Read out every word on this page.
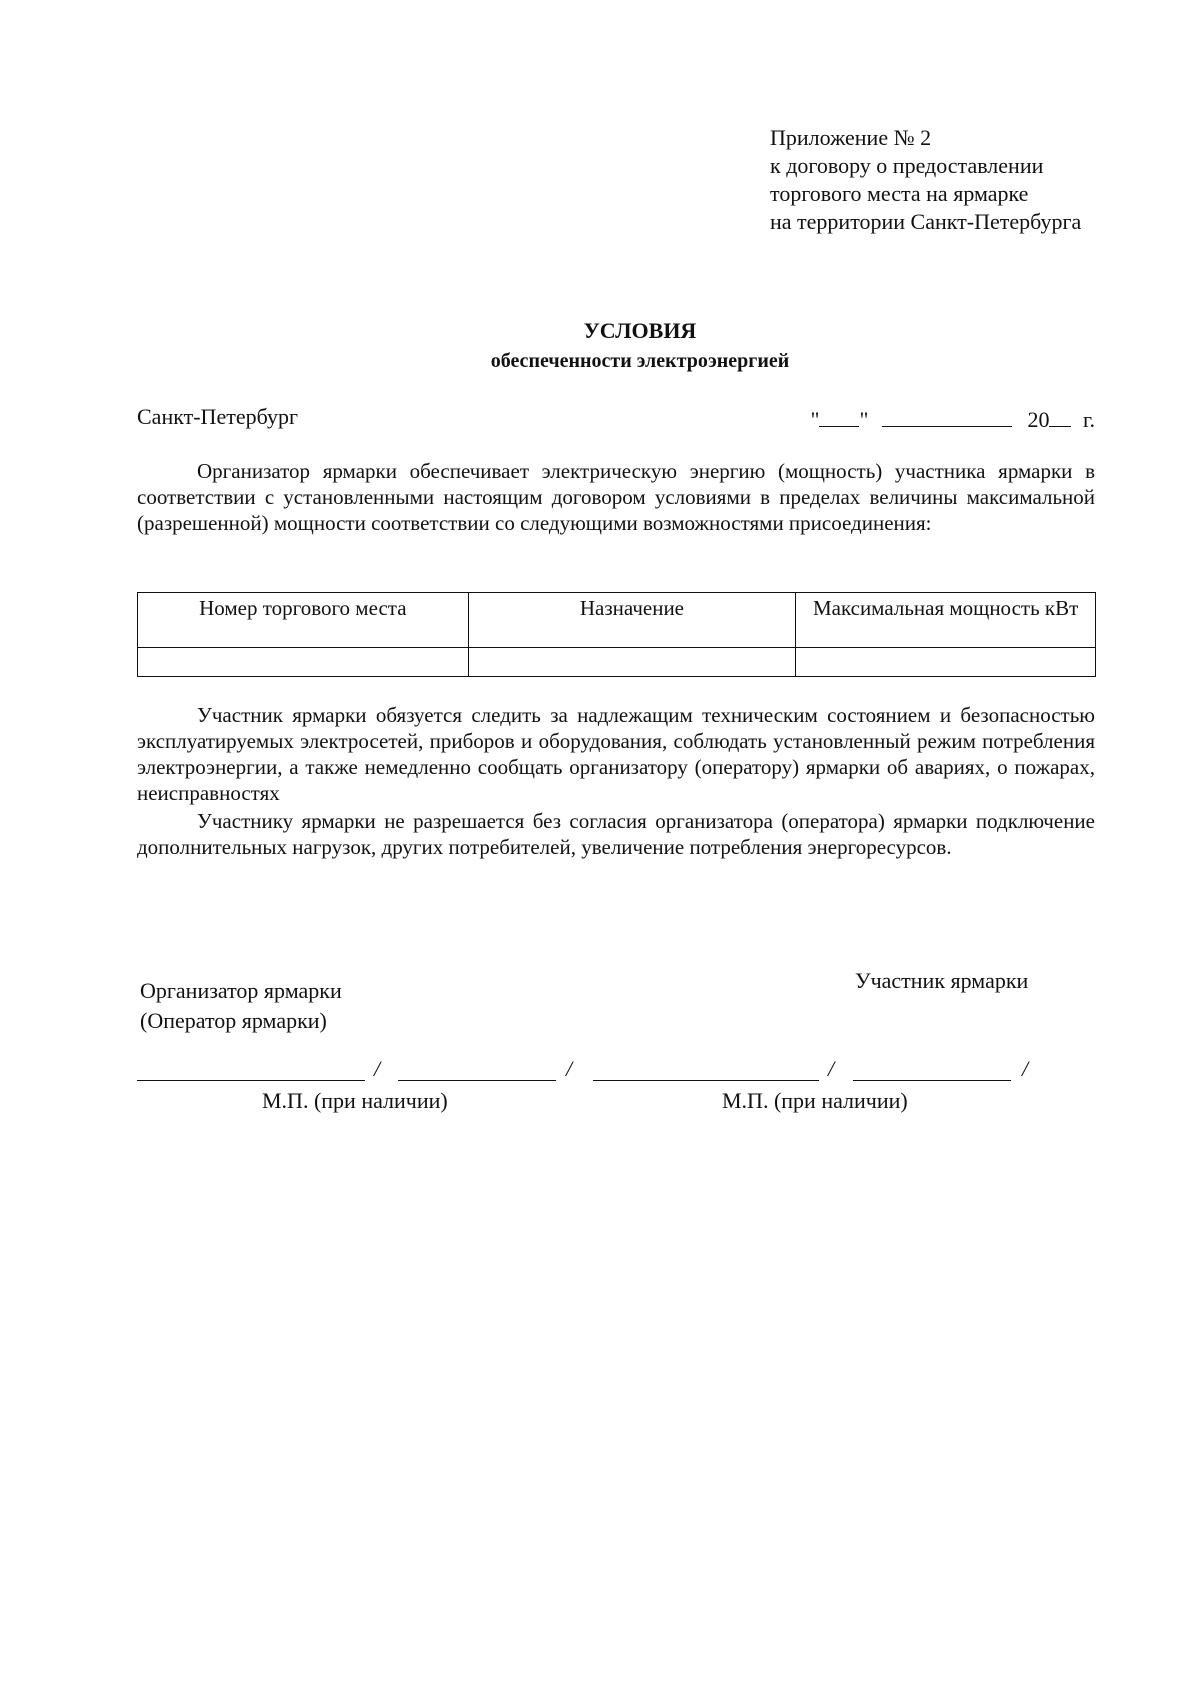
Приложение № 2
к договору о предоставлении
торгового места на ярмарке
на территории Санкт-Петербурга
УСЛОВИЯ
обеспеченности электроэнергией
Санкт-Петербург	" "	20 г.

Организатор ярмарки обеспечивает электрическую энергию (мощность) участника ярмарки в соответствии с установленными настоящим договором условиями в пределах величины максимальной (разрешенной) мощности соответствии со следующими возможностями присоединения:

Номер торгового места	Назначение	Максимальная мощность кВт

Участник ярмарки обязуется следить за надлежащим техническим состоянием и безопасностью эксплуатируемых электросетей, приборов и оборудования, соблюдать установленный режим потребления электроэнергии, а также немедленно сообщать организатору (оператору) ярмарки об авариях, о пожарах, неисправностях

Участнику ярмарки не разрешается без согласия организатора (оператора) ярмарки подключение дополнительных нагрузок, других потребителей, увеличение потребления энергоресурсов.

Организатор ярмарки
(Оператор ярмарки)
Участник ярмарки
/	/	/	/
М.П. (при наличии)	М.П. (при наличии)
